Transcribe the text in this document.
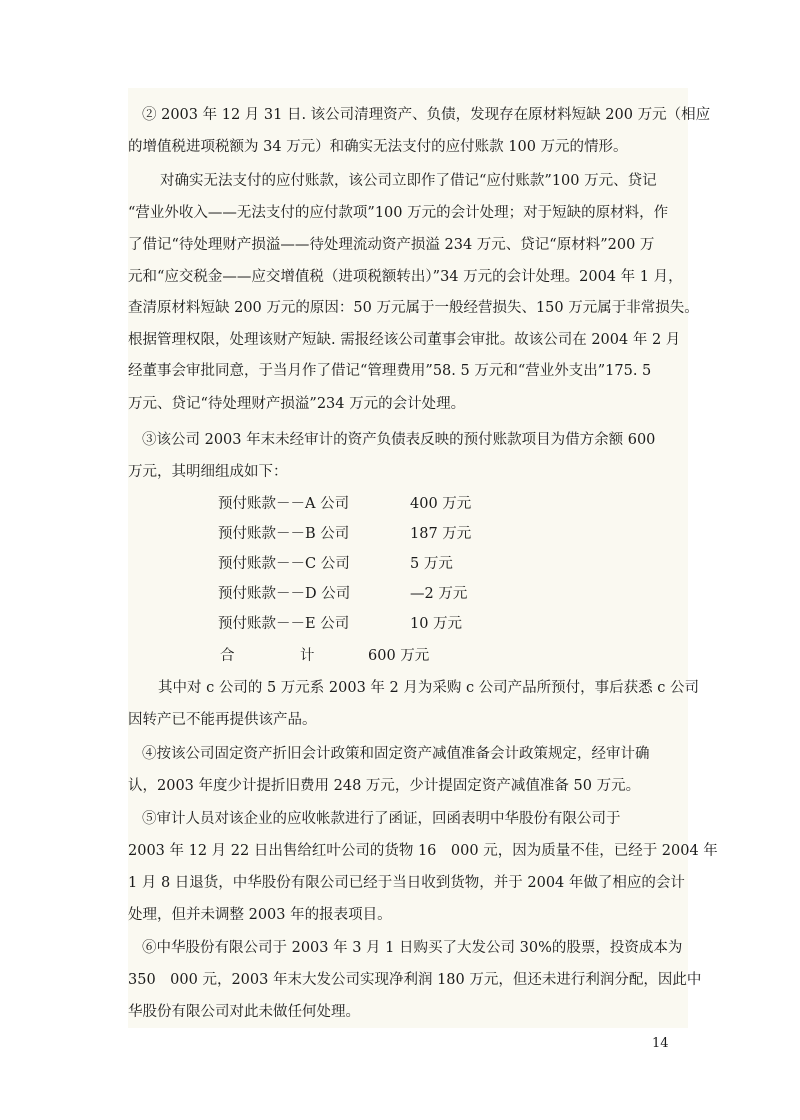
② 2003 年 12 月 31 日. 该公司清理资产、负债，发现存在原材料短缺 200 万元（相应

的增值税进项税额为 34 万元）和确实无法支付的应付账款 100 万元的情形。

对确实无法支付的应付账款，该公司立即作了借记“应付账款”100 万元、贷记

“营业外收入——无法支付的应付款项”100 万元的会计处理；对于短缺的原材料，作

了借记“待处理财产损溢——待处理流动资产损溢 234 万元、贷记“原材料”200 万

元和“应交税金——应交增值税（进项税额转出）”34 万元的会计处理。2004 年 1 月，

查清原材料短缺 200 万元的原因：50 万元属于一般经营损失、150 万元属于非常损失。

根据管理权限，处理该财产短缺. 需报经该公司董事会审批。故该公司在 2004 年 2 月

经董事会审批同意，于当月作了借记“管理费用”58. 5 万元和“营业外支出”175. 5

万元、贷记“待处理财产损溢”234 万元的会计处理。

③该公司 2003 年末未经审计的资产负债表反映的预付账款项目为借方余额 600

万元，其明细组成如下：

预付账款－－A 公司	400 万元
预付账款－－B 公司	187 万元
预付账款－－C 公司	5 万元
预付账款－－D 公司	—2 万元
预付账款－－E 公司	10 万元
合	计	600 万元

其中对 c 公司的 5 万元系 2003 年 2 月为采购 c 公司产品所预付，事后获悉 c 公司

因转产已不能再提供该产品。

④按该公司固定资产折旧会计政策和固定资产减值准备会计政策规定，经审计确

认，2003 年度少计提折旧费用 248 万元，少计提固定资产减值准备 50 万元。

⑤审计人员对该企业的应收帐款进行了函证，回函表明中华股份有限公司于

2003 年 12 月 22 日出售给红叶公司的货物 16　000 元，因为质量不佳，已经于 2004 年

1 月 8 日退货，中华股份有限公司已经于当日收到货物，并于 2004 年做了相应的会计

处理，但并未调整 2003 年的报表项目。

⑥中华股份有限公司于 2003 年 3 月 1 日购买了大发公司 30%的股票，投资成本为

350　000 元，2003 年末大发公司实现净利润 180 万元，但还未进行利润分配，因此中

华股份有限公司对此未做任何处理。

14
